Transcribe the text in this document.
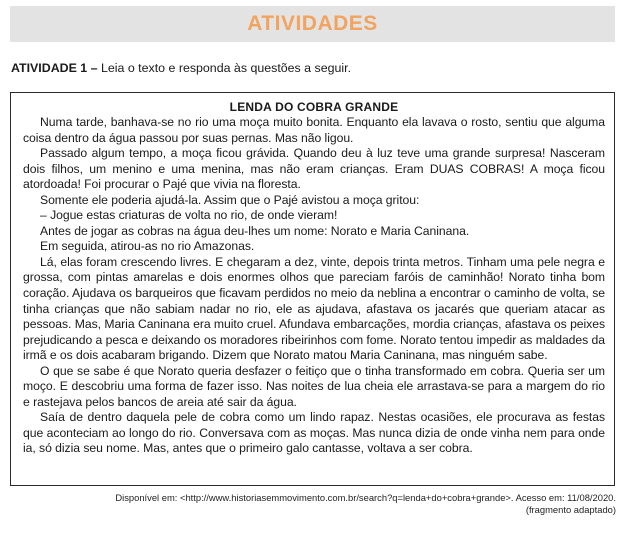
ATIVIDADES
ATIVIDADE 1 – Leia o texto e responda às questões a seguir.

LENDA DO COBRA GRANDE

Numa tarde, banhava-se no rio uma moça muito bonita. Enquanto ela lavava o rosto, sentiu que alguma coisa dentro da água passou por suas pernas. Mas não ligou.

Passado algum tempo, a moça ficou grávida. Quando deu à luz teve uma grande surpresa! Nasceram dois filhos, um menino e uma menina, mas não eram crianças. Eram DUAS COBRAS! A moça ficou atordoada! Foi procurar o Pajé que vivia na floresta.

Somente ele poderia ajudá-la. Assim que o Pajé avistou a moça gritou:

– Jogue estas criaturas de volta no rio, de onde vieram!

Antes de jogar as cobras na água deu-lhes um nome: Norato e Maria Caninana.

Em seguida, atirou-as no rio Amazonas.

Lá, elas foram crescendo livres. E chegaram a dez, vinte, depois trinta metros. Tinham uma pele negra e grossa, com pintas amarelas e dois enormes olhos que pareciam faróis de caminhão! Norato tinha bom coração. Ajudava os barqueiros que ficavam perdidos no meio da neblina a encontrar o caminho de volta, se tinha crianças que não sabiam nadar no rio, ele as ajudava, afastava os jacarés que queriam atacar as pessoas. Mas, Maria Caninana era muito cruel. Afundava embarcações, mordia crianças, afastava os peixes prejudicando a pesca e deixando os moradores ribeirinhos com fome. Norato tentou impedir as maldades da irmã e os dois acabaram brigando. Dizem que Norato matou Maria Caninana, mas ninguém sabe.

O que se sabe é que Norato queria desfazer o feitiço que o tinha transformado em cobra. Queria ser um moço. E descobriu uma forma de fazer isso. Nas noites de lua cheia ele arrastava-se para a margem do rio e rastejava pelos bancos de areia até sair da água.

Saía de dentro daquela pele de cobra como um lindo rapaz. Nestas ocasiões, ele procurava as festas que aconteciam ao longo do rio. Conversava com as moças. Mas nunca dizia de onde vinha nem para onde ia, só dizia seu nome. Mas, antes que o primeiro galo cantasse, voltava a ser cobra.

Disponível em: <http://www.historiasemmovimento.com.br/search?q=lenda+do+cobra+grande>. Acesso em: 11/08/2020.
(fragmento adaptado)
